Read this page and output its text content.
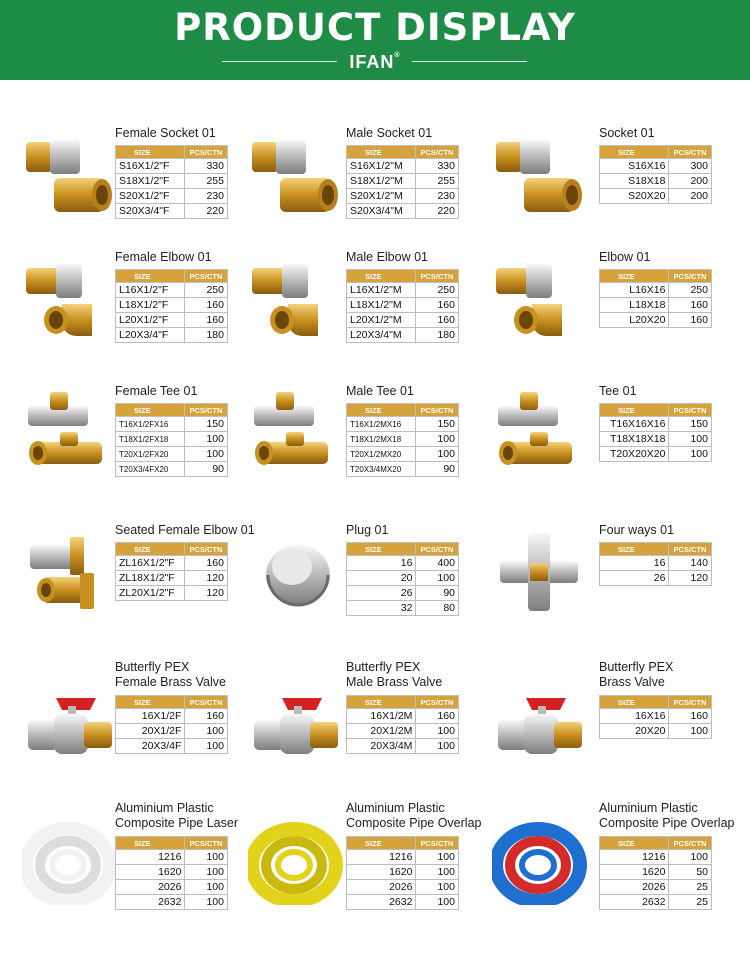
PRODUCT DISPLAY
IFAN®
Female Socket 01
SIZE	PCS/CTN
S16X1/2"F	330
S18X1/2"F	255
S20X1/2"F	230
S20X3/4"F	220
Male Socket 01
SIZE	PCS/CTN
S16X1/2"M	330
S18X1/2"M	255
S20X1/2"M	230
S20X3/4"M	220
Socket 01
SIZE	PCS/CTN
S16X16	300
S18X18	200
S20X20	200
Female Elbow 01
SIZE	PCS/CTN
L16X1/2"F	250
L18X1/2"F	160
L20X1/2"F	160
L20X3/4"F	180
Male Elbow 01
SIZE	PCS/CTN
L16X1/2"M	250
L18X1/2"M	160
L20X1/2"M	160
L20X3/4"M	180
Elbow 01
SIZE	PCS/CTN
L16X16	250
L18X18	160
L20X20	160
Female Tee 01
SIZE	PCS/CTN
T16X1/2FX16	150
T18X1/2FX18	100
T20X1/2FX20	100
T20X3/4FX20	90
Male Tee 01
SIZE	PCS/CTN
T16X1/2MX16	150
T18X1/2MX18	100
T20X1/2MX20	100
T20X3/4MX20	90
Tee 01
SIZE	PCS/CTN
T16X16X16	150
T18X18X18	100
T20X20X20	100
Seated Female Elbow 01
SIZE	PCS/CTN
ZL16X1/2"F	160
ZL18X1/2"F	120
ZL20X1/2"F	120
Plug 01
SIZE	PCS/CTN
16	400
20	100
26	90
32	80
Four ways 01
SIZE	PCS/CTN
16	140
26	120
Butterfly PEX
Female Brass Valve
SIZE	PCS/CTN
16X1/2F	160
20X1/2F	100
20X3/4F	100
Butterfly PEX
Male Brass Valve
SIZE	PCS/CTN
16X1/2M	160
20X1/2M	100
20X3/4M	100
Butterfly PEX
Brass Valve
SIZE	PCS/CTN
16X16	160
20X20	100
Aluminium Plastic
Composite Pipe Laser
SIZE	PCS/CTN
1216	100
1620	100
2026	100
2632	100
Aluminium Plastic
Composite Pipe Overlap
SIZE	PCS/CTN
1216	100
1620	100
2026	100
2632	100
Aluminium Plastic
Composite Pipe Overlap
SIZE	PCS/CTN
1216	100
1620	50
2026	25
2632	25
